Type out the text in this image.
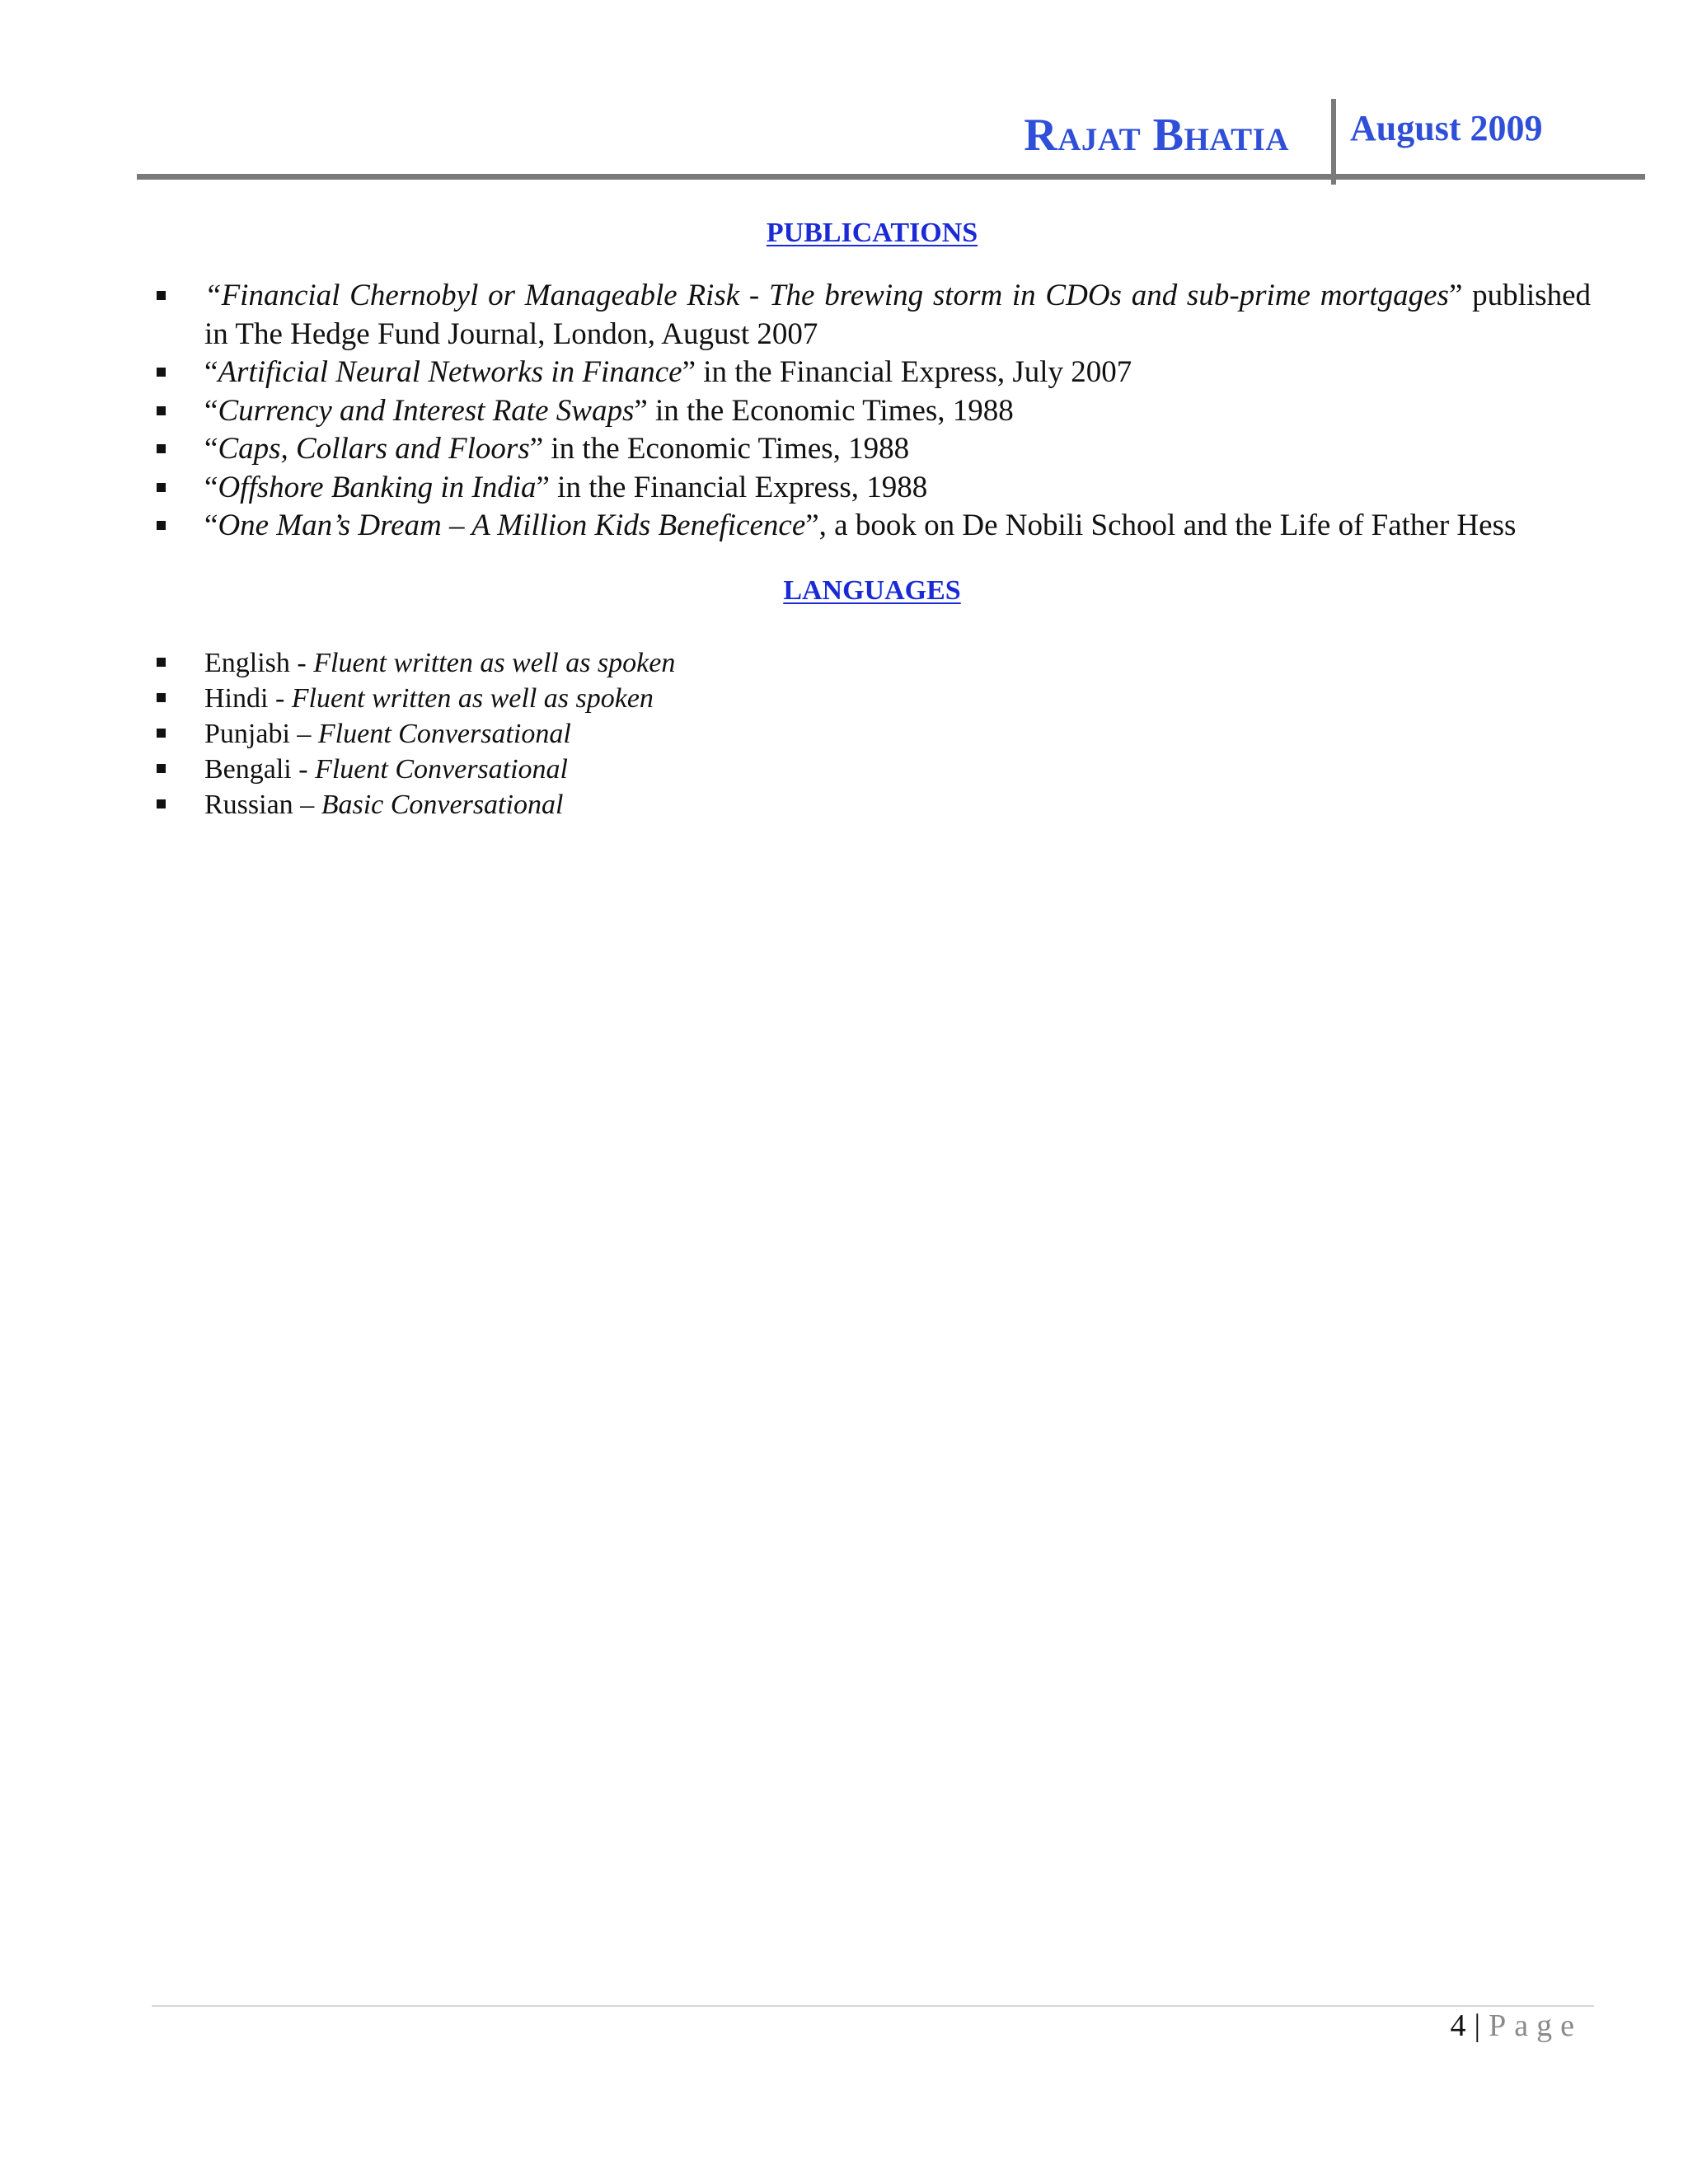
Rajat Bhatia August 2009
PUBLICATIONS
“Financial Chernobyl or Manageable Risk - The brewing storm in CDOs and sub-prime mortgages” published in The Hedge Fund Journal, London, August 2007
“Artificial Neural Networks in Finance” in the Financial Express, July 2007
“Currency and Interest Rate Swaps” in the Economic Times, 1988
“Caps, Collars and Floors” in the Economic Times, 1988
“Offshore Banking in India” in the Financial Express, 1988
“One Man’s Dream – A Million Kids Beneficence”, a book on De Nobili School and the Life of Father Hess
LANGUAGES
English - Fluent written as well as spoken
Hindi - Fluent written as well as spoken
Punjabi – Fluent Conversational
Bengali - Fluent Conversational
Russian – Basic Conversational
4 | Page
